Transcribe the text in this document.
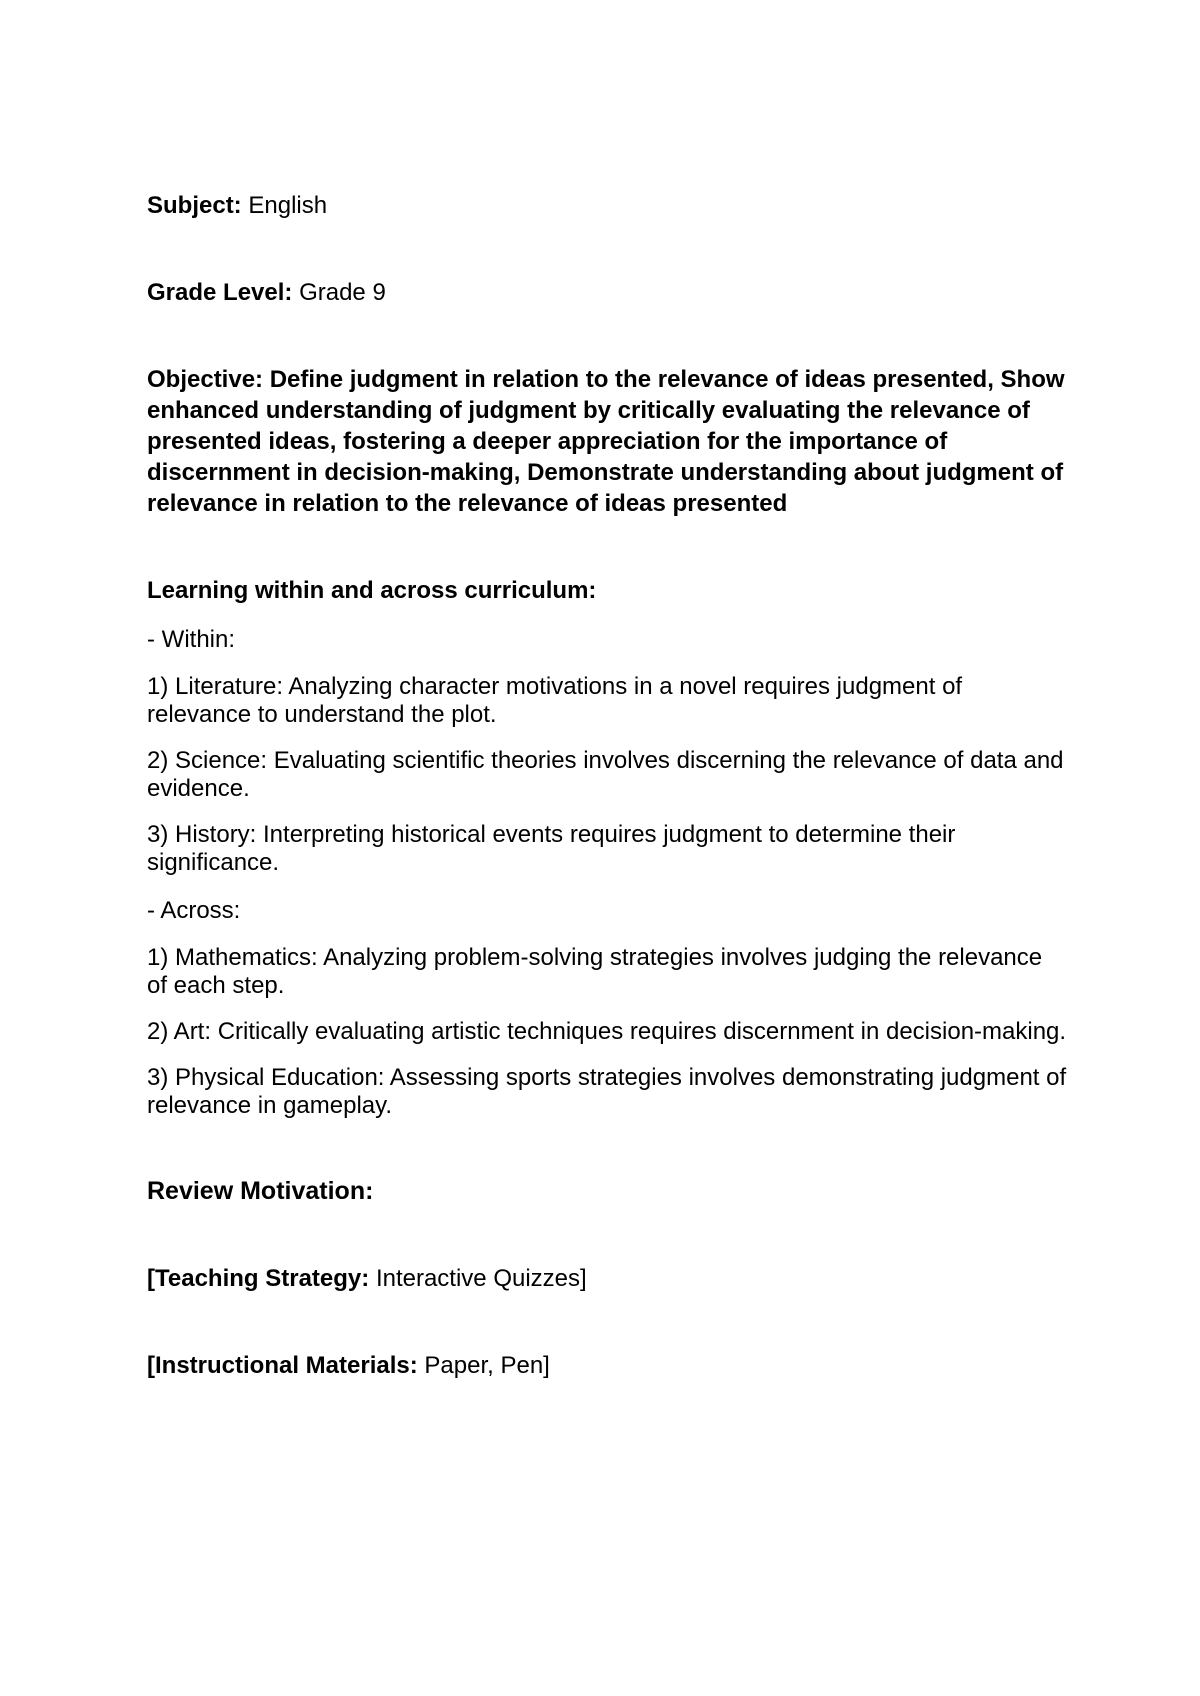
Subject: English

Grade Level: Grade 9

Objective: Define judgment in relation to the relevance of ideas presented, Show enhanced understanding of judgment by critically evaluating the relevance of presented ideas, fostering a deeper appreciation for the importance of discernment in decision-making, Demonstrate understanding about judgment of relevance in relation to the relevance of ideas presented

Learning within and across curriculum:

- Within:

1) Literature: Analyzing character motivations in a novel requires judgment of relevance to understand the plot.

2) Science: Evaluating scientific theories involves discerning the relevance of data and evidence.

3) History: Interpreting historical events requires judgment to determine their significance.

- Across:

1) Mathematics: Analyzing problem-solving strategies involves judging the relevance of each step.

2) Art: Critically evaluating artistic techniques requires discernment in decision-making.

3) Physical Education: Assessing sports strategies involves demonstrating judgment of relevance in gameplay.

Review Motivation:

[Teaching Strategy: Interactive Quizzes]

[Instructional Materials: Paper, Pen]
